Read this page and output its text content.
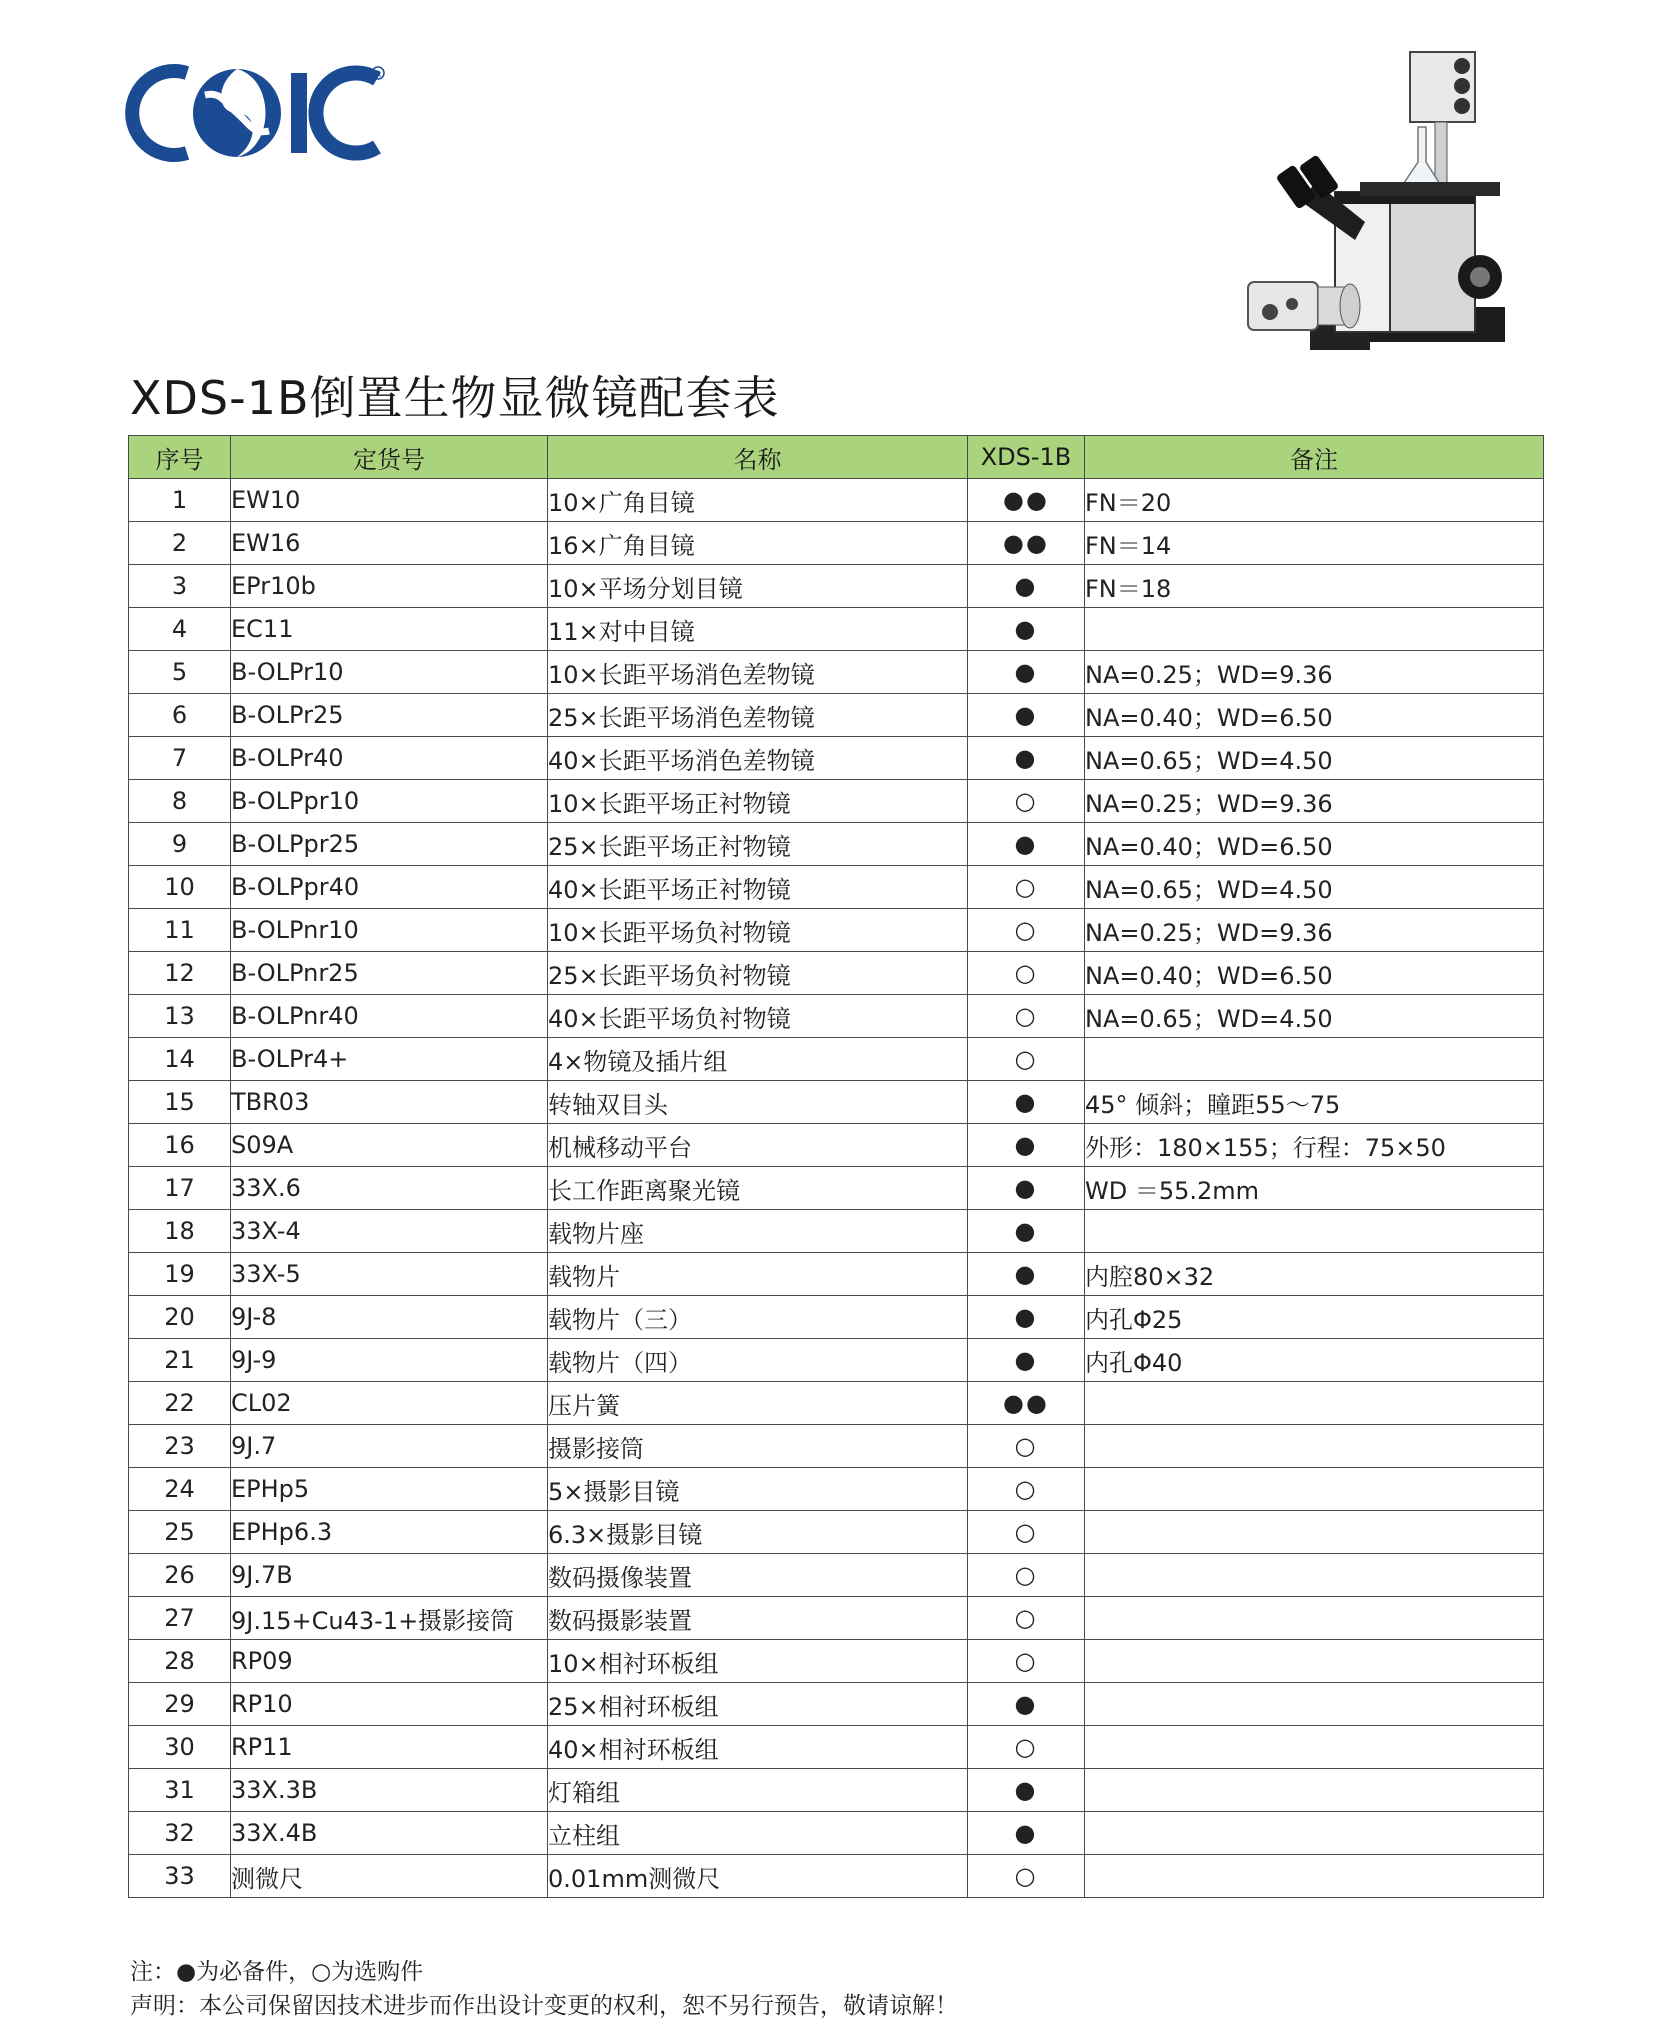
R
XDS-1B倒置生物显微镜配套表
序号	定货号	名称	XDS-1B	备注
1	EW10	10×广角目镜	●●	FN＝20
2	EW16	16×广角目镜	●●	FN＝14
3	EPr10b	10×平场分划目镜	●	FN＝18
4	EC11	11×对中目镜	●	
5	B-OLPr10	10×长距平场消色差物镜	●	NA=0.25；WD=9.36
6	B-OLPr25	25×长距平场消色差物镜	●	NA=0.40；WD=6.50
7	B-OLPr40	40×长距平场消色差物镜	●	NA=0.65；WD=4.50
8	B-OLPpr10	10×长距平场正衬物镜	○	NA=0.25；WD=9.36
9	B-OLPpr25	25×长距平场正衬物镜	●	NA=0.40；WD=6.50
10	B-OLPpr40	40×长距平场正衬物镜	○	NA=0.65；WD=4.50
11	B-OLPnr10	10×长距平场负衬物镜	○	NA=0.25；WD=9.36
12	B-OLPnr25	25×长距平场负衬物镜	○	NA=0.40；WD=6.50
13	B-OLPnr40	40×长距平场负衬物镜	○	NA=0.65；WD=4.50
14	B-OLPr4+	4×物镜及插片组	○	
15	TBR03	转轴双目头	●	45° 倾斜；瞳距55～75
16	S09A	机械移动平台	●	外形：180×155；行程：75×50
17	33X.6	长工作距离聚光镜	●	WD ＝55.2mm
18	33X-4	载物片座	●	
19	33X-5	载物片	●	内腔80×32
20	9J-8	载物片（三）	●	内孔Φ25
21	9J-9	载物片（四）	●	内孔Φ40
22	CL02	压片簧	●●	
23	9J.7	摄影接筒	○	
24	EPHp5	5×摄影目镜	○	
25	EPHp6.3	6.3×摄影目镜	○	
26	9J.7B	数码摄像装置	○	
27	9J.15+Cu43-1+摄影接筒	数码摄影装置	○	
28	RP09	10×相衬环板组	○	
29	RP10	25×相衬环板组	●	
30	RP11	40×相衬环板组	○	
31	33X.3B	灯箱组	●	
32	33X.4B	立柱组	●	
33	测微尺	0.01mm测微尺	○	
注：●为必备件，○为选购件
声明：本公司保留因技术进步而作出设计变更的权利，恕不另行预告，敬请谅解！
